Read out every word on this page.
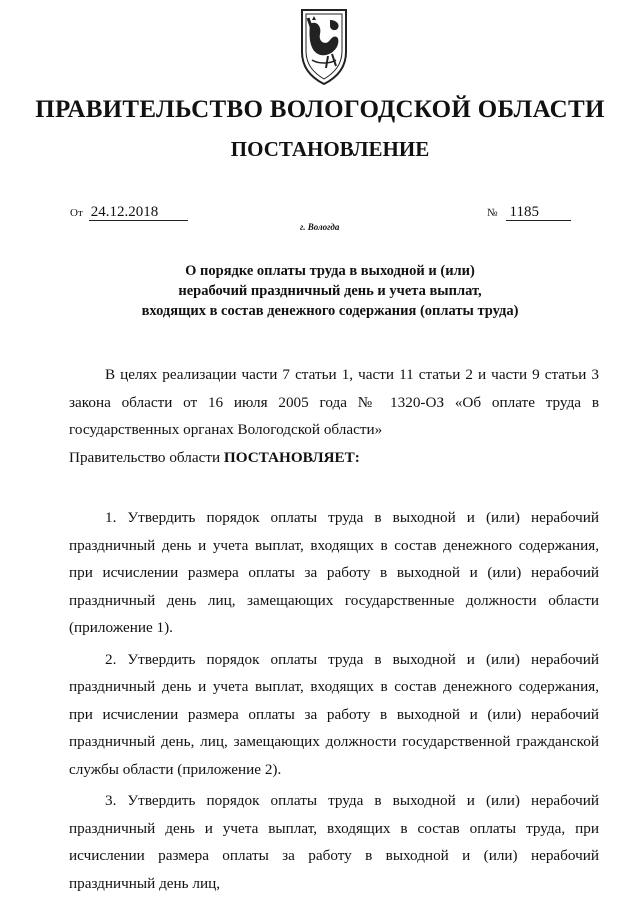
ПРАВИТЕЛЬСТВО ВОЛОГОДСКОЙ ОБЛАСТИ
ПОСТАНОВЛЕНИЕ
От 24.12.2018	№ 1185
г. Вологда
О порядке оплаты труда в выходной и (или)
нерабочий праздничный день и учета выплат,
входящих в состав денежного содержания (оплаты труда)

В целях реализации части 7 статьи 1, части 11 статьи 2 и части 9 статьи 3 закона области от 16 июля 2005 года № 1320-ОЗ «Об оплате труда в государственных органах Вологодской области»

Правительство области ПОСТАНОВЛЯЕТ:

1. Утвердить порядок оплаты труда в выходной и (или) нерабочий праздничный день и учета выплат, входящих в состав денежного содержания, при исчислении размера оплаты за работу в выходной и (или) нерабочий праздничный день лиц, замещающих государственные должности области (приложение 1).

2. Утвердить порядок оплаты труда в выходной и (или) нерабочий праздничный день и учета выплат, входящих в состав денежного содержания, при исчислении размера оплаты за работу в выходной и (или) нерабочий праздничный день, лиц, замещающих должности государственной гражданской службы области (приложение 2).

3. Утвердить порядок оплаты труда в выходной и (или) нерабочий праздничный день и учета выплат, входящих в состав оплаты труда, при исчислении размера оплаты за работу в выходной и (или) нерабочий праздничный день лиц,
